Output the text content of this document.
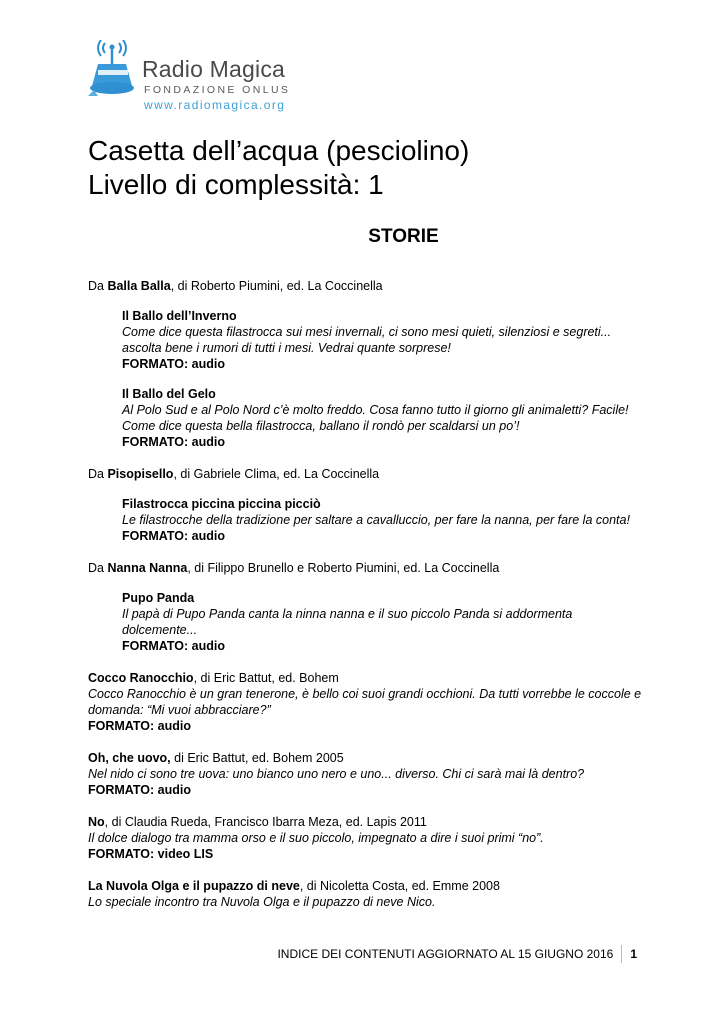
Radio Magica
FONDAZIONE ONLUS
www.radiomagica.org
Casetta dell’acqua (pesciolino)
Livello di complessità: 1
STORIE

Da Balla Balla, di Roberto Piumini, ed. La Coccinella

Il Ballo dell’Inverno
Come dice questa filastrocca sui mesi invernali, ci sono mesi quieti, silenziosi e segreti... ascolta bene i rumori di tutti i mesi. Vedrai quante sorprese!
FORMATO: audio
Il Ballo del Gelo
Al Polo Sud e al Polo Nord c’è molto freddo. Cosa fanno tutto il giorno gli animaletti? Facile! Come dice questa bella filastrocca, ballano il rondò per scaldarsi un po’!
FORMATO: audio

Da Pisopisello, di Gabriele Clima, ed. La Coccinella

Filastrocca piccina piccina picciò
Le filastrocche della tradizione per saltare a cavalluccio, per fare la nanna, per fare la conta!
FORMATO: audio

Da Nanna Nanna, di Filippo Brunello e Roberto Piumini, ed. La Coccinella

Pupo Panda
Il papà di Pupo Panda canta la ninna nanna e il suo piccolo Panda si addormenta dolcemente...
FORMATO: audio
Cocco Ranocchio, di Eric Battut, ed. Bohem
Cocco Ranocchio è un gran tenerone, è bello coi suoi grandi occhioni. Da tutti vorrebbe le coccole e domanda: “Mi vuoi abbracciare?”
FORMATO: audio
Oh, che uovo, di Eric Battut, ed. Bohem 2005
Nel nido ci sono tre uova: uno bianco uno nero e uno... diverso. Chi ci sarà mai là dentro?
FORMATO: audio
No, di Claudia Rueda, Francisco Ibarra Meza, ed. Lapis 2011
Il dolce dialogo tra mamma orso e il suo piccolo, impegnato a dire i suoi primi “no”.
FORMATO: video LIS
La Nuvola Olga e il pupazzo di neve, di Nicoletta Costa, ed. Emme 2008
Lo speciale incontro tra Nuvola Olga e il pupazzo di neve Nico.
INDICE DEI CONTENUTI AGGIORNATO AL 15 GIUGNO 2016 1
